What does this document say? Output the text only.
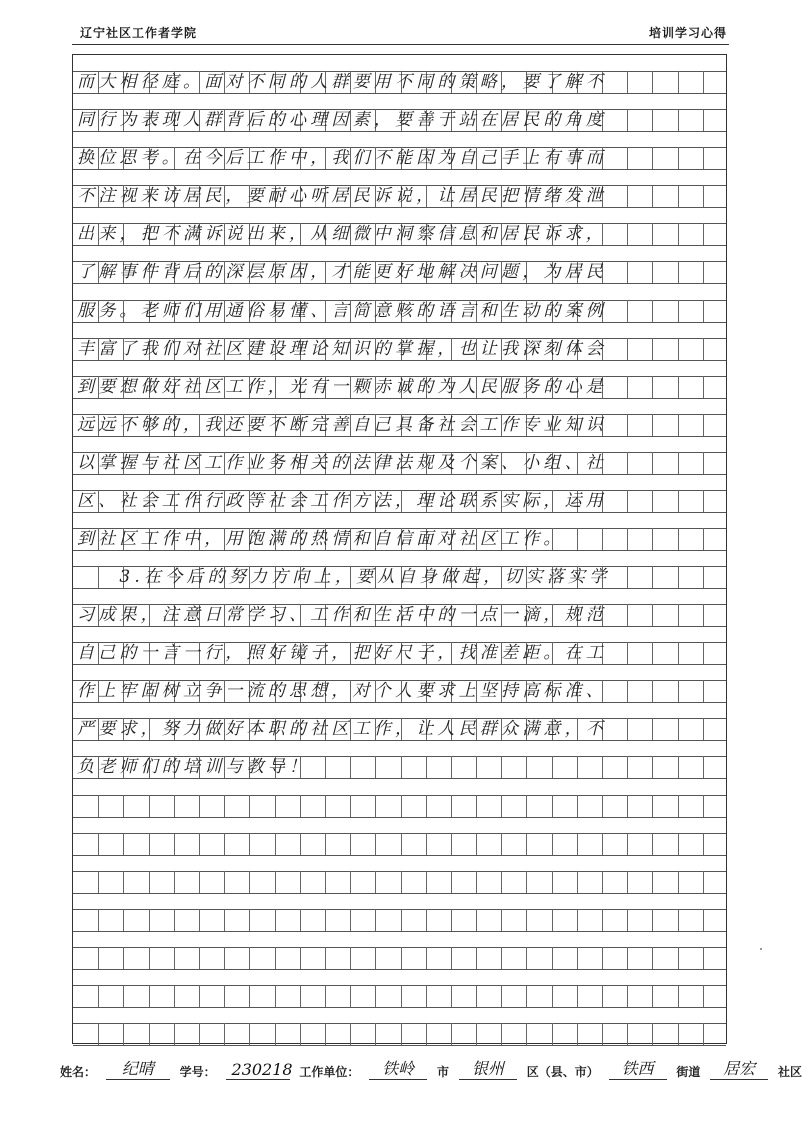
辽宁社区工作者学院	培训学习心得
而大相径庭。面对不同的人群要用不同的策略，要了解不
同行为表现人群背后的心理因素，要善于站在居民的角度
换位思考。在今后工作中，我们不能因为自己手上有事而
不注视来访居民，要耐心听居民诉说，让居民把情绪发泄
出来，把不满诉说出来，从细微中洞察信息和居民诉求，
了解事件背后的深层原因，才能更好地解决问题，为居民
服务。老师们用通俗易懂、言简意赅的语言和生动的案例
丰富了我们对社区建设理论知识的掌握，也让我深刻体会
到要想做好社区工作，光有一颗赤诚的为人民服务的心是
远远不够的，我还要不断完善自己具备社会工作专业知识
以掌握与社区工作业务相关的法律法规及个案、小组、社
区、社会工作行政等社会工作方法，理论联系实际，运用
到社区工作中，用饱满的热情和自信面对社区工作。
　　3.在今后的努力方向上，要从自身做起，切实落实学
习成果，注意日常学习、工作和生活中的一点一滴，规范
自己的一言一行，照好镜子，把好尺子，找准差距。在工
作上牢固树立争一流的思想，对个人要求上坚持高标准、
严要求，努力做好本职的社区工作，让人民群众满意，不
负老师们的培训与教导！
姓名： 纪晴 学号： 230218 工作单位： 铁岭 市 银州 区（县、市） 铁西 街道 居宏 社区
